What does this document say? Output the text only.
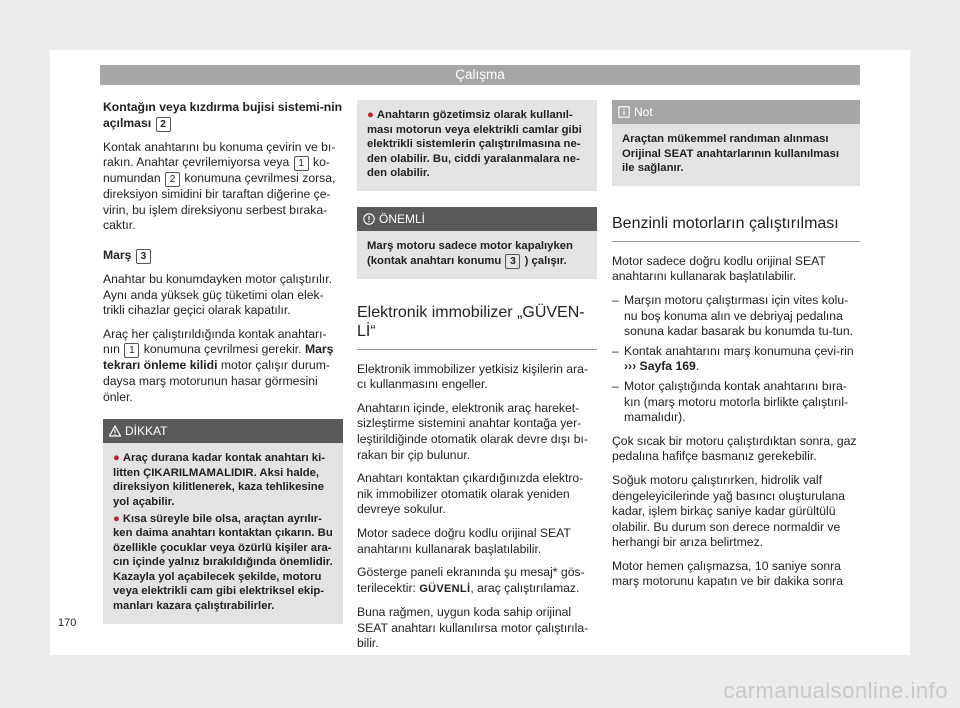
Çalışma

Kontağın veya kızdırma bujisi sistemi-nin açılması 2

Kontak anahtarını bu konuma çevirin ve bı-rakın. Anahtar çevrilemiyorsa veya 1 ko-numundan 2 konumuna çevrilmesi zorsa, direksiyon simidini bir taraftan diğerine çe-virin, bu işlem direksiyonu serbest bıraka-caktır.

Marş 3

Anahtar bu konumdayken motor çalıştırılır. Aynı anda yüksek güç tüketimi olan elek-trikli cihazlar geçici olarak kapatılır.

Araç her çalıştırıldığında kontak anahtarı-nın 1 konumuna çevrilmesi gerekir. Marş tekrarı önleme kilidi motor çalışır durum-daysa marş motorunun hasar görmesini önler.

DİKKAT

● Araç durana kadar kontak anahtarı ki-litten ÇIKARILMAMALIDIR. Aksi halde, direksiyon kilitlenerek, kaza tehlikesine yol açabilir.

● Kısa süreyle bile olsa, araçtan ayrılır-ken daima anahtarı kontaktan çıkarın. Bu özellikle çocuklar veya özürlü kişiler ara-cın içinde yalnız bırakıldığında önemlidir. Kazayla yol açabilecek şekilde, motoru veya elektrikli cam gibi elektriksel ekip-manları kazara çalıştırabilirler.

● Anahtarın gözetimsiz olarak kullanıl-ması motorun veya elektrikli camlar gibi elektrikli sistemlerin çalıştırılmasına ne-den olabilir. Bu, ciddi yaralanmalara ne-den olabilir.

ÖNEMLİ

Marş motoru sadece motor kapalıyken (kontak anahtarı konumu 3 ) çalışır.

Elektronik immobilizer „GÜVEN-Lİ“

Elektronik immobilizer yetkisiz kişilerin ara-cı kullanmasını engeller.

Anahtarın içinde, elektronik araç hareket-sizleştirme sistemini anahtar kontağa yer-leştirildiğinde otomatik olarak devre dışı bı-rakan bir çip bulunur.

Anahtarı kontaktan çıkardığınızda elektro-nik immobilizer otomatik olarak yeniden devreye sokulur.

Motor sadece doğru kodlu orijinal SEAT anahtarını kullanarak başlatılabilir.

Gösterge paneli ekranında şu mesaj* gös-terilecektir: GÜVENLİ, araç çalıştırılamaz.

Buna rağmen, uygun koda sahip orijinal SEAT anahtarı kullanılırsa motor çalıştırıla-bilir.

Not

Araçtan mükemmel randıman alınması Orijinal SEAT anahtarlarının kullanılması ile sağlanır.

Benzinli motorların çalıştırılması

Motor sadece doğru kodlu orijinal SEAT anahtarını kullanarak başlatılabilir.

– Marşın motoru çalıştırması için vites kolu-nu boş konuma alın ve debriyaj pedalına sonuna kadar basarak bu konumda tu-tun.
– Kontak anahtarını marş konumuna çevi-rin ››› Sayfa 169.
– Motor çalıştığında kontak anahtarını bıra-kın (marş motoru motorla birlikte çalıştırıl-mamalıdır).

Çok sıcak bir motoru çalıştırdıktan sonra, gaz pedalına hafifçe basmanız gerekebilir.

Soğuk motoru çalıştırırken, hidrolik valf dengeleyicilerinde yağ basıncı oluşturulana kadar, işlem birkaç saniye kadar gürültülü olabilir. Bu durum son derece normaldir ve herhangi bir arıza belirtmez.

Motor hemen çalışmazsa, 10 saniye sonra marş motorunu kapatın ve bir dakika sonra

170
carmanualsonline.info
